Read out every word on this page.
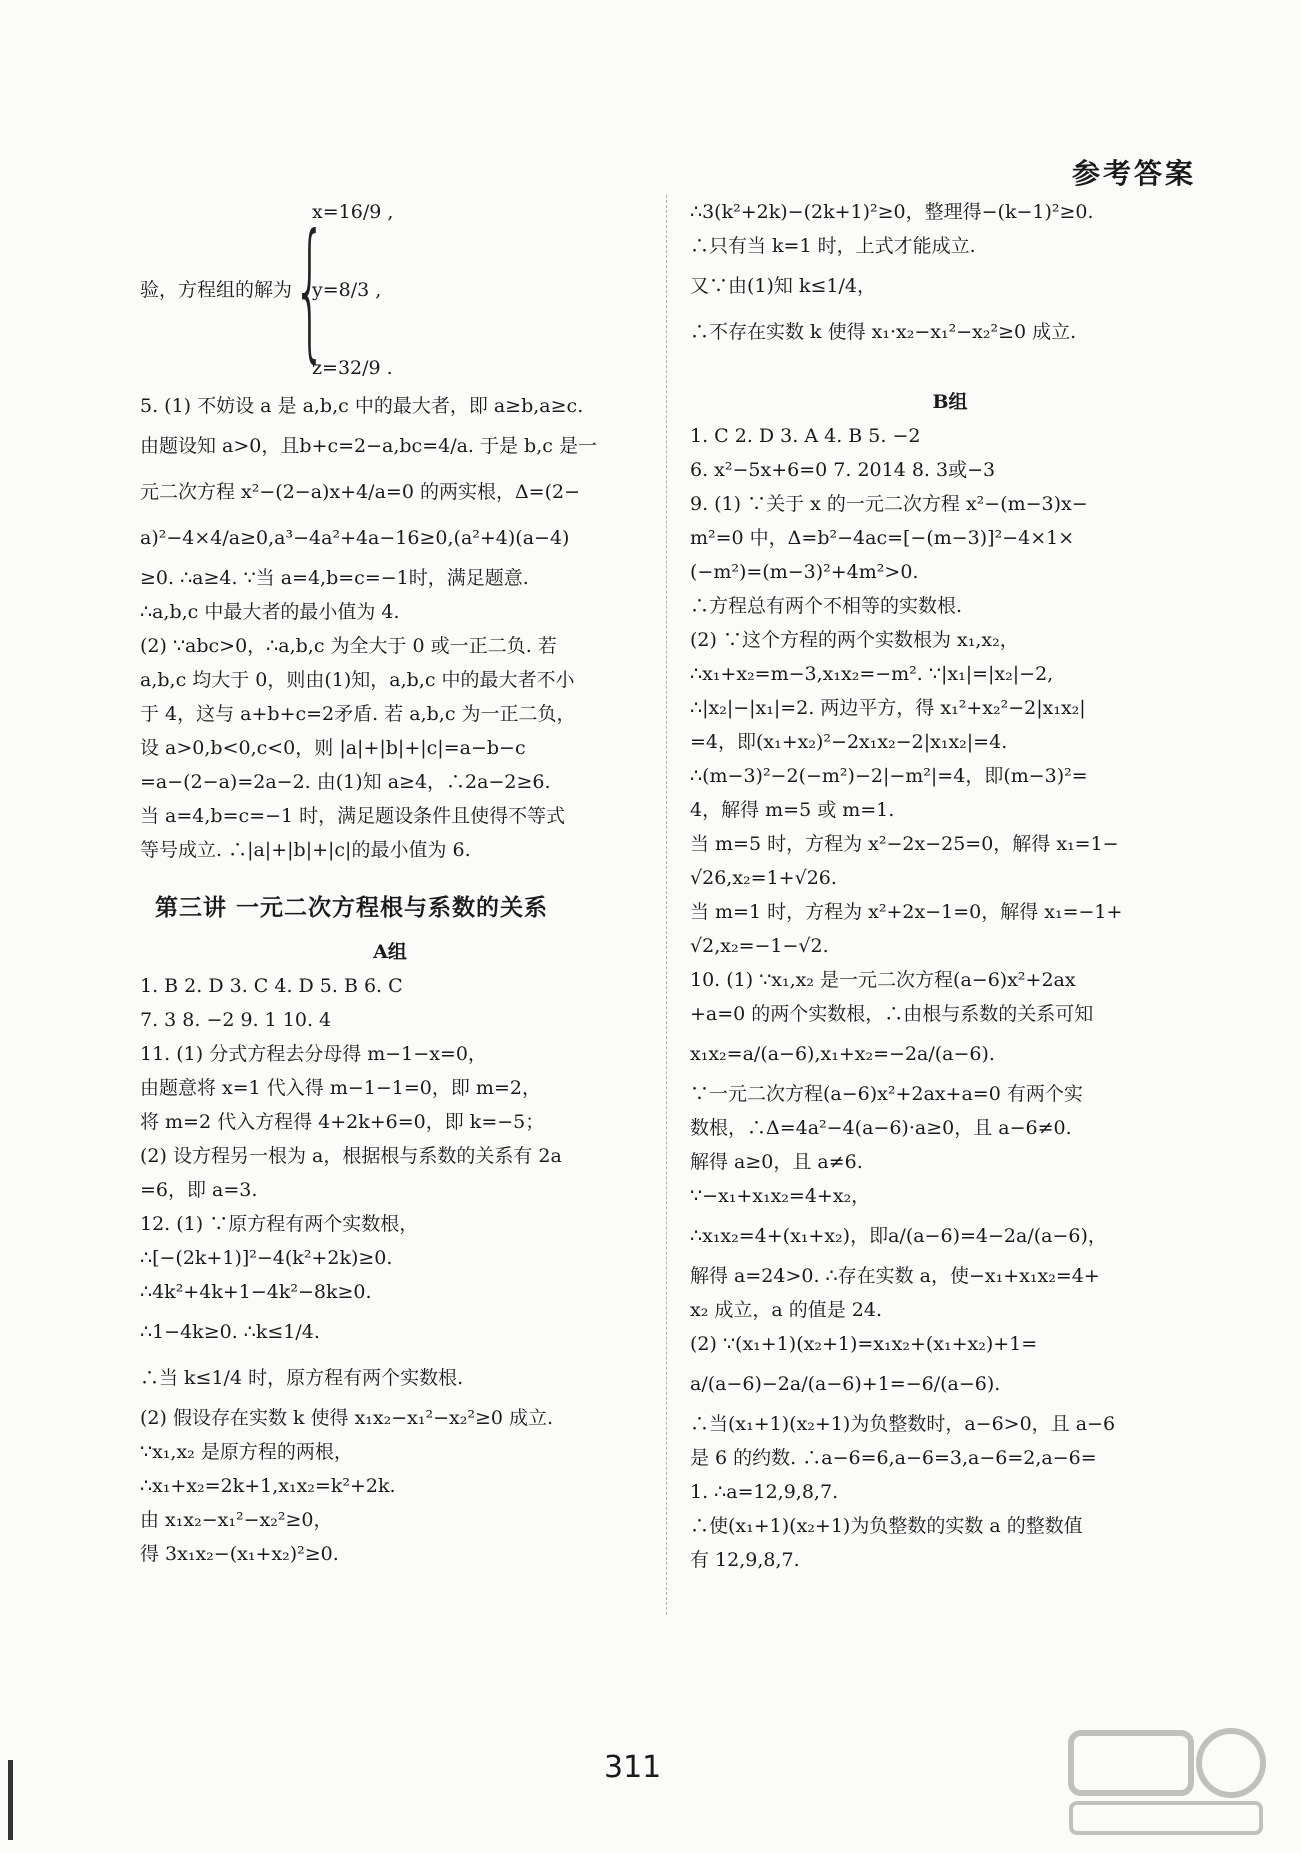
参考答案
验，方程组的解为 {
x=16/9 ,
y=8/3 ,
z=32/9 .
5. (1) 不妨设 a 是 a,b,c 中的最大者，即 a≥b,a≥c.
由题设知 a>0，且b+c=2−a,bc=4/a. 于是 b,c 是一
元二次方程 x²−(2−a)x+4/a=0 的两实根，Δ=(2−
a)²−4×4/a≥0,a³−4a²+4a−16≥0,(a²+4)(a−4)
≥0. ∴a≥4. ∵当 a=4,b=c=−1时，满足题意.
∴a,b,c 中最大者的最小值为 4.
(2) ∵abc>0，∴a,b,c 为全大于 0 或一正二负. 若
a,b,c 均大于 0，则由(1)知，a,b,c 中的最大者不小
于 4，这与 a+b+c=2矛盾. 若 a,b,c 为一正二负，
设 a>0,b<0,c<0，则 |a|+|b|+|c|=a−b−c
=a−(2−a)=2a−2. 由(1)知 a≥4，∴2a−2≥6.
当 a=4,b=c=−1 时，满足题设条件且使得不等式
等号成立. ∴|a|+|b|+|c|的最小值为 6.
第三讲 一元二次方程根与系数的关系
A组
1. B 2. D 3. C 4. D 5. B 6. C
7. 3 8. −2 9. 1 10. 4
11. (1) 分式方程去分母得 m−1−x=0，
由题意将 x=1 代入得 m−1−1=0，即 m=2，
将 m=2 代入方程得 4+2k+6=0，即 k=−5；
(2) 设方程另一根为 a，根据根与系数的关系有 2a
=6，即 a=3.
12. (1) ∵原方程有两个实数根，
∴[−(2k+1)]²−4(k²+2k)≥0.
∴4k²+4k+1−4k²−8k≥0.
∴1−4k≥0. ∴k≤1/4.
∴当 k≤1/4 时，原方程有两个实数根.
(2) 假设存在实数 k 使得 x₁x₂−x₁²−x₂²≥0 成立.
∵x₁,x₂ 是原方程的两根，
∴x₁+x₂=2k+1,x₁x₂=k²+2k.
由 x₁x₂−x₁²−x₂²≥0，
得 3x₁x₂−(x₁+x₂)²≥0.
∴3(k²+2k)−(2k+1)²≥0，整理得−(k−1)²≥0.
∴只有当 k=1 时，上式才能成立.
又∵由(1)知 k≤1/4，
∴不存在实数 k 使得 x₁·x₂−x₁²−x₂²≥0 成立.
B组
1. C 2. D 3. A 4. B 5. −2
6. x²−5x+6=0 7. 2014 8. 3或−3
9. (1) ∵关于 x 的一元二次方程 x²−(m−3)x−
m²=0 中，Δ=b²−4ac=[−(m−3)]²−4×1×
(−m²)=(m−3)²+4m²>0.
∴方程总有两个不相等的实数根.
(2) ∵这个方程的两个实数根为 x₁,x₂，
∴x₁+x₂=m−3,x₁x₂=−m². ∵|x₁|=|x₂|−2,
∴|x₂|−|x₁|=2. 两边平方，得 x₁²+x₂²−2|x₁x₂|
=4，即(x₁+x₂)²−2x₁x₂−2|x₁x₂|=4.
∴(m−3)²−2(−m²)−2|−m²|=4，即(m−3)²=
4，解得 m=5 或 m=1.
当 m=5 时，方程为 x²−2x−25=0，解得 x₁=1−
√26,x₂=1+√26.
当 m=1 时，方程为 x²+2x−1=0，解得 x₁=−1+
√2,x₂=−1−√2.
10. (1) ∵x₁,x₂ 是一元二次方程(a−6)x²+2ax
+a=0 的两个实数根，∴由根与系数的关系可知
x₁x₂=a/(a−6),x₁+x₂=−2a/(a−6).
∵一元二次方程(a−6)x²+2ax+a=0 有两个实
数根，∴Δ=4a²−4(a−6)·a≥0，且 a−6≠0.
解得 a≥0，且 a≠6.
∵−x₁+x₁x₂=4+x₂，
∴x₁x₂=4+(x₁+x₂)，即a/(a−6)=4−2a/(a−6)，
解得 a=24>0. ∴存在实数 a，使−x₁+x₁x₂=4+
x₂ 成立，a 的值是 24.
(2) ∵(x₁+1)(x₂+1)=x₁x₂+(x₁+x₂)+1=
a/(a−6)−2a/(a−6)+1=−6/(a−6).
∴当(x₁+1)(x₂+1)为负整数时，a−6>0，且 a−6
是 6 的约数. ∴a−6=6,a−6=3,a−6=2,a−6=
1. ∴a=12,9,8,7.
∴使(x₁+1)(x₂+1)为负整数的实数 a 的整数值
有 12,9,8,7.
311
